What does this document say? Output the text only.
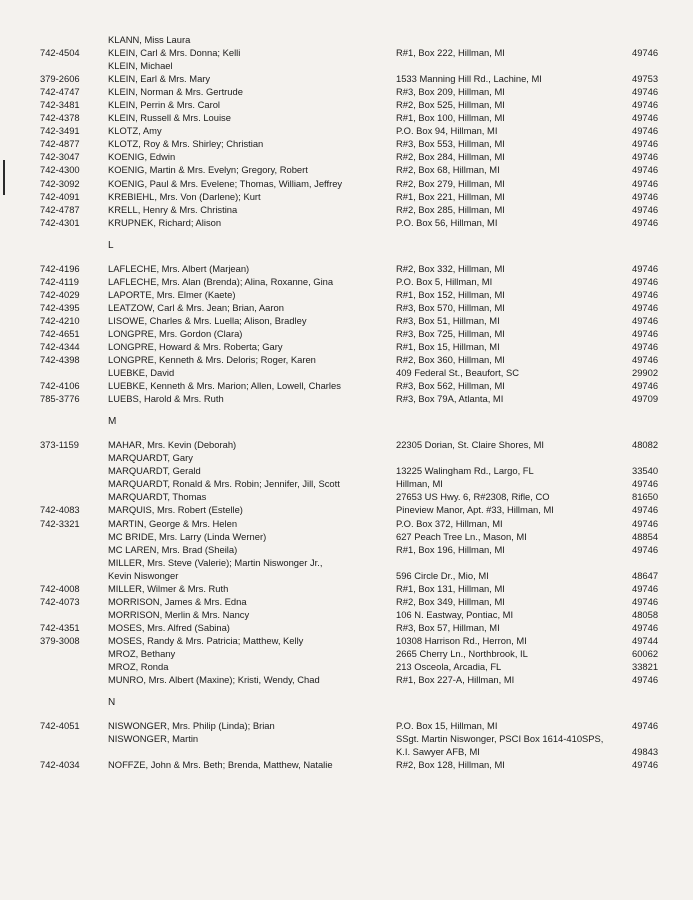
KLANN, Miss Laura
742-4504	KLEIN, Carl & Mrs. Donna; Kelli	R#1, Box 222, Hillman, MI	49746
KLEIN, Michael
379-2606	KLEIN, Earl & Mrs. Mary	1533 Manning Hill Rd., Lachine, MI	49753
742-4747	KLEIN, Norman & Mrs. Gertrude	R#3, Box 209, Hillman, MI	49746
742-3481	KLEIN, Perrin & Mrs. Carol	R#2, Box 525, Hillman, MI	49746
742-4378	KLEIN, Russell & Mrs. Louise	R#1, Box 100, Hillman, MI	49746
742-3491	KLOTZ, Amy	P.O. Box 94, Hillman, MI	49746
742-4877	KLOTZ, Roy & Mrs. Shirley; Christian	R#3, Box 553, Hillman, MI	49746
742-3047	KOENIG, Edwin	R#2, Box 284, Hillman, MI	49746
742-4300	KOENIG, Martin & Mrs. Evelyn; Gregory, Robert	R#2, Box 68, Hillman, MI	49746
742-3092	KOENIG, Paul & Mrs. Evelene; Thomas, William, Jeffrey	R#2, Box 279, Hillman, MI	49746
742-4091	KREBIEHL, Mrs. Von (Darlene); Kurt	R#1, Box 221, Hillman, MI	49746
742-4787	KRELL, Henry & Mrs. Christina	R#2, Box 285, Hillman, MI	49746
742-4301	KRUPNEK, Richard; Alison	P.O. Box 56, Hillman, MI	49746
L
742-4196	LAFLECHE, Mrs. Albert (Marjean)	R#2, Box 332, Hillman, MI	49746
742-4119	LAFLECHE, Mrs. Alan (Brenda); Alina, Roxanne, Gina	P.O. Box 5, Hillman, MI	49746
742-4029	LAPORTE, Mrs. Elmer (Kaete)	R#1, Box 152, Hillman, MI	49746
742-4395	LEATZOW, Carl & Mrs. Jean; Brian, Aaron	R#3, Box 570, Hillman, MI	49746
742-4210	LISOWE, Charles & Mrs. Luella; Alison, Bradley	R#3, Box 51, Hillman, MI	49746
742-4651	LONGPRE, Mrs. Gordon (Clara)	R#3, Box 725, Hillman, MI	49746
742-4344	LONGPRE, Howard & Mrs. Roberta; Gary	R#1, Box 15, Hillman, MI	49746
742-4398	LONGPRE, Kenneth & Mrs. Deloris; Roger, Karen	R#2, Box 360, Hillman, MI	49746
LUEBKE, David	409 Federal St., Beaufort, SC	29902
742-4106	LUEBKE, Kenneth & Mrs. Marion; Allen, Lowell, Charles	R#3, Box 562, Hillman, MI	49746
785-3776	LUEBS, Harold & Mrs. Ruth	R#3, Box 79A, Atlanta, MI	49709
M
373-1159	MAHAR, Mrs. Kevin (Deborah)	22305 Dorian, St. Claire Shores, MI	48082
MARQUARDT, Gary
MARQUARDT, Gerald	13225 Walingham Rd., Largo, FL	33540
MARQUARDT, Ronald & Mrs. Robin; Jennifer, Jill, Scott	Hillman, MI	49746
MARQUARDT, Thomas	27653 US Hwy. 6, R#2308, Rifle, CO	81650
742-4083	MARQUIS, Mrs. Robert (Estelle)	Pineview Manor, Apt. #33, Hillman, MI	49746
742-3321	MARTIN, George & Mrs. Helen	P.O. Box 372, Hillman, MI	49746
MC BRIDE, Mrs. Larry (Linda Werner)	627 Peach Tree Ln., Mason, MI	48854
MC LAREN, Mrs. Brad (Sheila)	R#1, Box 196, Hillman, MI	49746
MILLER, Mrs. Steve (Valerie); Martin Niswonger Jr.,
Kevin Niswonger	596 Circle Dr., Mio, MI	48647
742-4008	MILLER, Wilmer & Mrs. Ruth	R#1, Box 131, Hillman, MI	49746
742-4073	MORRISON, James & Mrs. Edna	R#2, Box 349, Hillman, MI	49746
MORRISON, Merlin & Mrs. Nancy	106 N. Eastway, Pontiac, MI	48058
742-4351	MOSES, Mrs. Alfred (Sabina)	R#3, Box 57, Hillman, MI	49746
379-3008	MOSES, Randy & Mrs. Patricia; Matthew, Kelly	10308 Harrison Rd., Herron, MI	49744
MROZ, Bethany	2665 Cherry Ln., Northbrook, IL	60062
MROZ, Ronda	213 Osceola, Arcadia, FL	33821
MUNRO, Mrs. Albert (Maxine); Kristi, Wendy, Chad	R#1, Box 227-A, Hillman, MI	49746
N
742-4051	NISWONGER, Mrs. Philip (Linda); Brian	P.O. Box 15, Hillman, MI	49746
NISWONGER, Martin	SSgt. Martin Niswonger, PSCI Box 1614-410SPS,
K.I. Sawyer AFB, MI	49843
742-4034	NOFFZE, John & Mrs. Beth; Brenda, Matthew, Natalie	R#2, Box 128, Hillman, MI	49746
